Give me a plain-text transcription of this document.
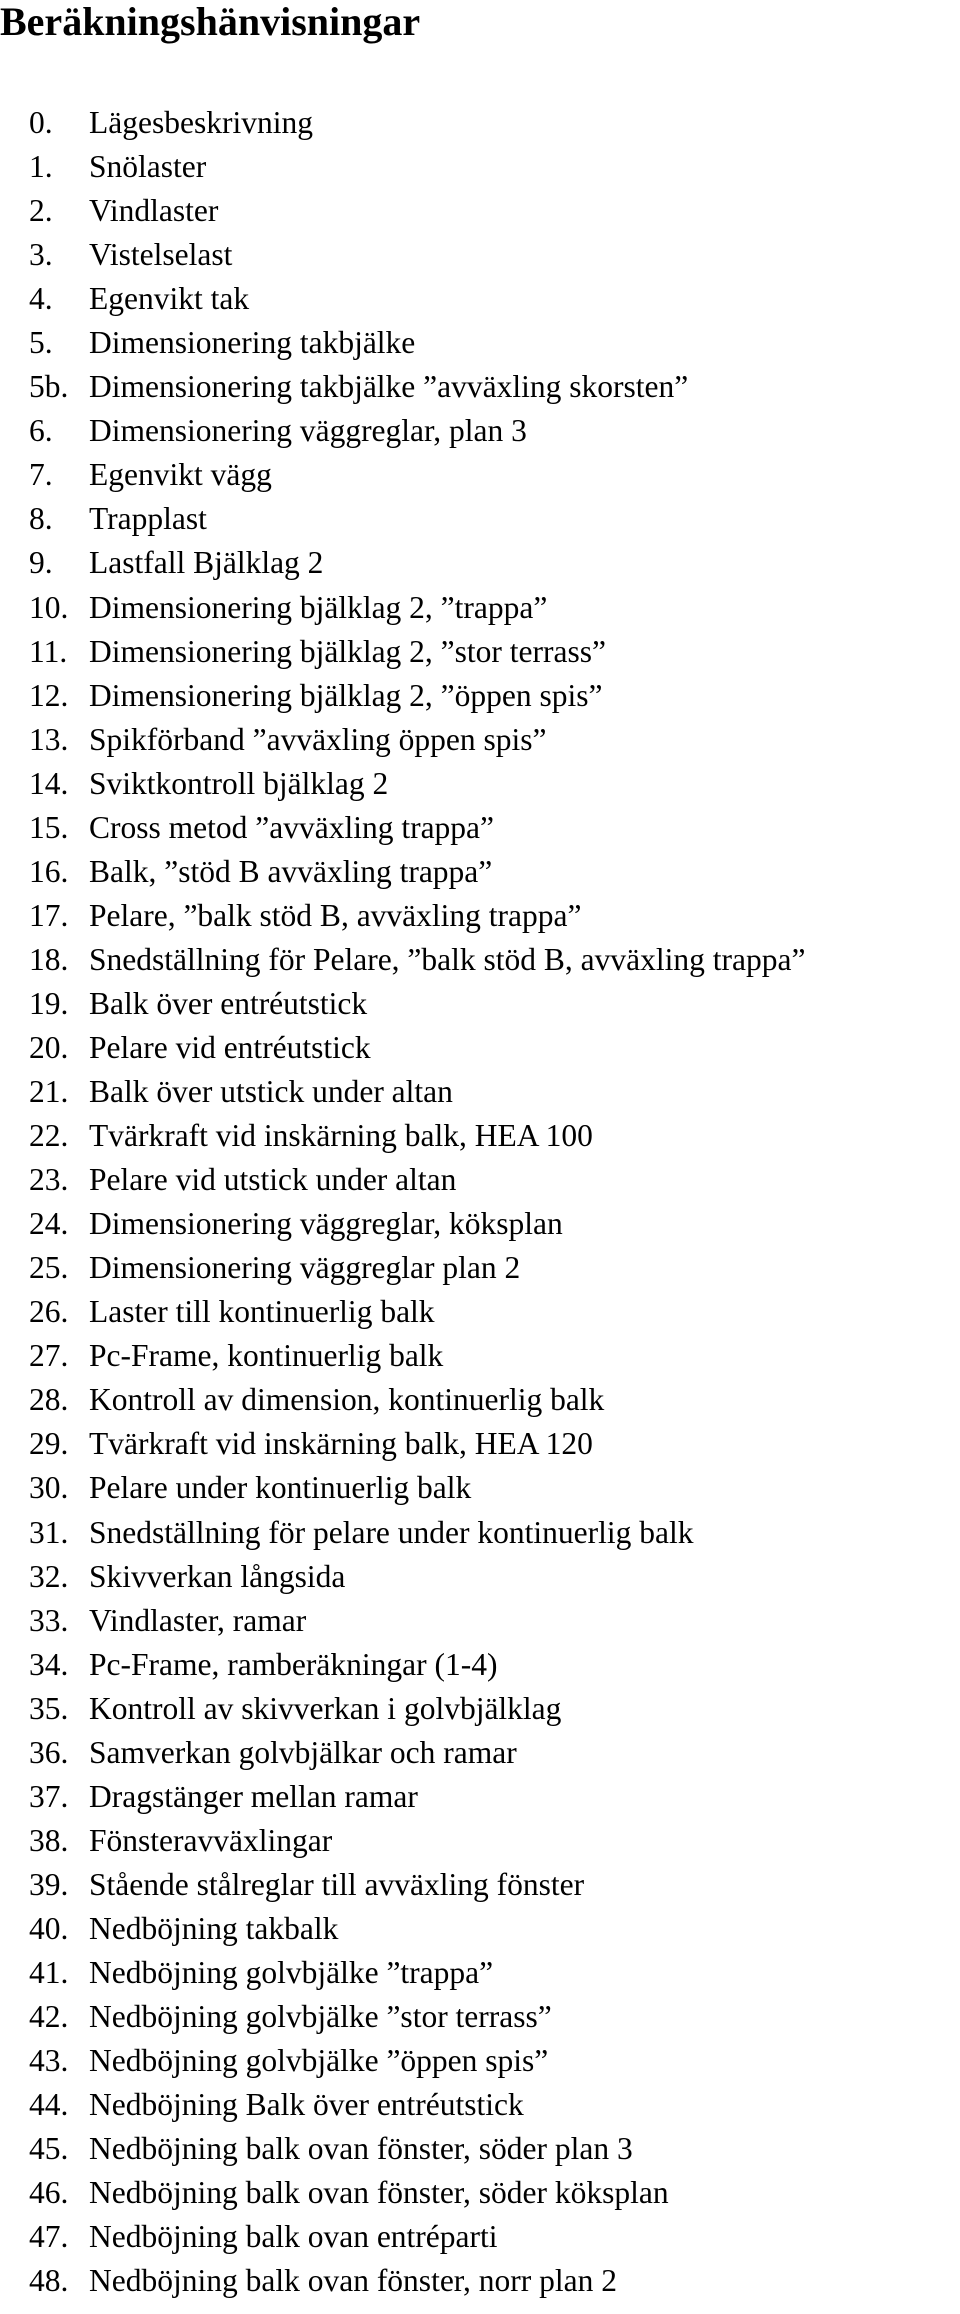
Beräkningshänvisningar
0. Lägesbeskrivning
1. Snölaster
2. Vindlaster
3. Vistelselast
4. Egenvikt tak
5. Dimensionering takbjälke
5b. Dimensionering takbjälke ”avväxling skorsten”
6. Dimensionering väggreglar, plan 3
7. Egenvikt vägg
8. Trapplast
9. Lastfall Bjälklag 2
10. Dimensionering bjälklag 2, ”trappa”
11. Dimensionering bjälklag 2, ”stor terrass”
12. Dimensionering bjälklag 2, ”öppen spis”
13. Spikförband ”avväxling öppen spis”
14. Sviktkontroll bjälklag 2
15. Cross metod ”avväxling trappa”
16. Balk, ”stöd B avväxling trappa”
17. Pelare, ”balk stöd B, avväxling trappa”
18. Snedställning för Pelare, ”balk stöd B, avväxling trappa”
19. Balk över entréutstick
20. Pelare vid entréutstick
21. Balk över utstick under altan
22. Tvärkraft vid inskärning balk, HEA 100
23. Pelare vid utstick under altan
24. Dimensionering väggreglar, köksplan
25. Dimensionering väggreglar plan 2
26. Laster till kontinuerlig balk
27. Pc-Frame, kontinuerlig balk
28. Kontroll av dimension, kontinuerlig balk
29. Tvärkraft vid inskärning balk, HEA 120
30. Pelare under kontinuerlig balk
31. Snedställning för pelare under kontinuerlig balk
32. Skivverkan långsida
33. Vindlaster, ramar
34. Pc-Frame, ramberäkningar (1-4)
35. Kontroll av skivverkan i golvbjälklag
36. Samverkan golvbjälkar och ramar
37. Dragstänger mellan ramar
38. Fönsteravväxlingar
39. Stående stålreglar till avväxling fönster
40. Nedböjning takbalk
41. Nedböjning golvbjälke ”trappa”
42. Nedböjning golvbjälke ”stor terrass”
43. Nedböjning golvbjälke ”öppen spis”
44. Nedböjning Balk över entréutstick
45. Nedböjning balk ovan fönster, söder plan 3
46. Nedböjning balk ovan fönster, söder köksplan
47. Nedböjning balk ovan entréparti
48. Nedböjning balk ovan fönster, norr plan 2
